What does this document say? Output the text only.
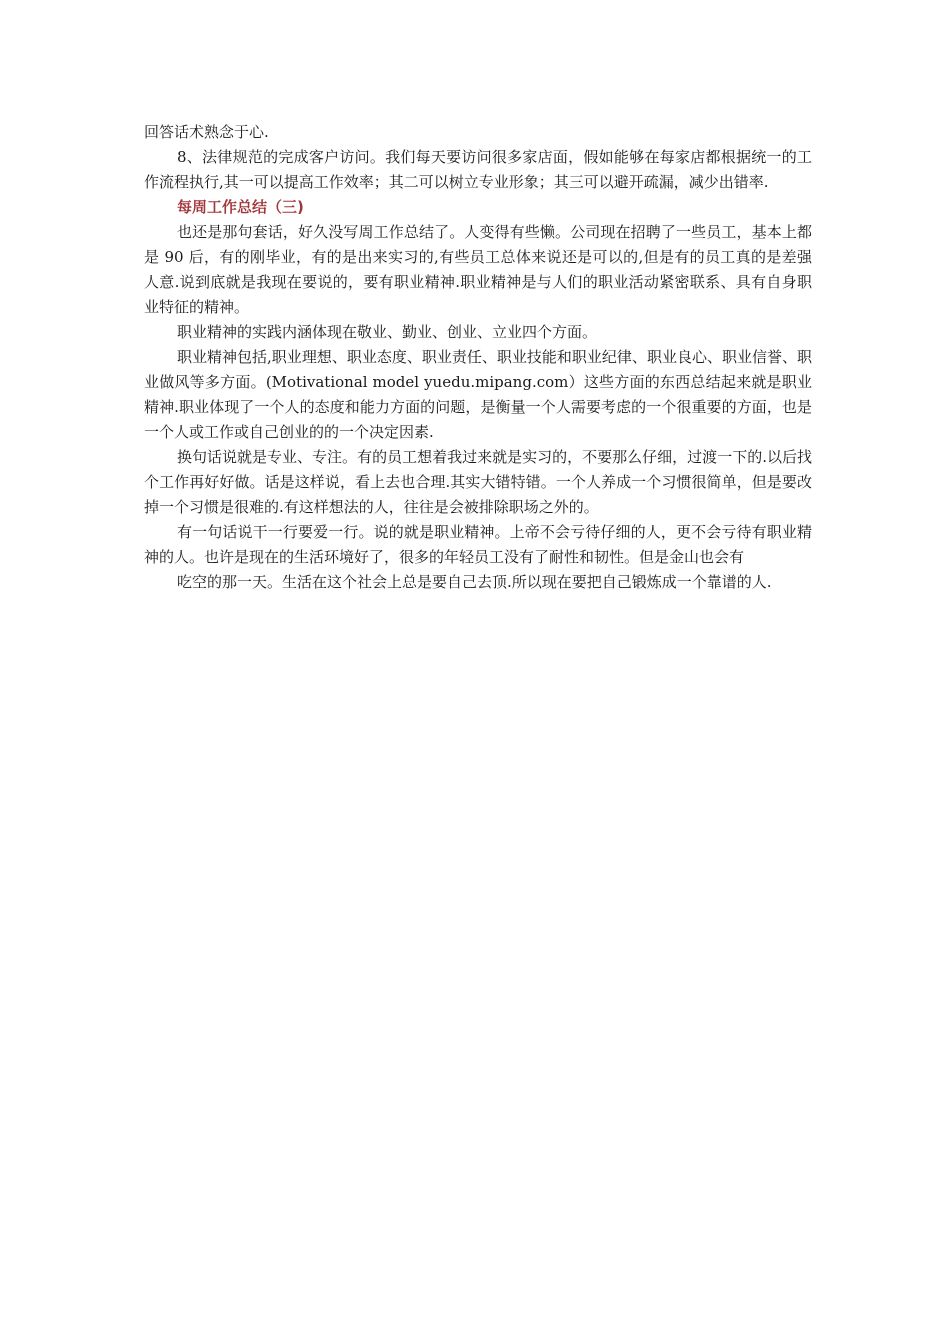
回答话术熟念于心.

8、法律规范的完成客户访问。我们每天要访问很多家店面，假如能够在每家店都根据统一的工作流程执行,其一可以提高工作效率；其二可以树立专业形象；其三可以避开疏漏，减少出错率.

每周工作总结（三)

也还是那句套话，好久没写周工作总结了。人变得有些懒。公司现在招聘了一些员工，基本上都是 90 后，有的刚毕业，有的是出来实习的,有些员工总体来说还是可以的,但是有的员工真的是差强人意.说到底就是我现在要说的，要有职业精神.职业精神是与人们的职业活动紧密联系、具有自身职业特征的精神。

职业精神的实践内涵体现在敬业、勤业、创业、立业四个方面。

职业精神包括,职业理想、职业态度、职业责任、职业技能和职业纪律、职业良心、职业信誉、职业做风等多方面。(Motivational model yuedu.mipang.com）这些方面的东西总结起来就是职业精神.职业体现了一个人的态度和能力方面的问题，是衡量一个人需要考虑的一个很重要的方面，也是一个人或工作或自己创业的的一个决定因素.

换句话说就是专业、专注。有的员工想着我过来就是实习的，不要那么仔细，过渡一下的.以后找个工作再好好做。话是这样说，看上去也合理.其实大错特错。一个人养成一个习惯很简单，但是要改掉一个习惯是很难的.有这样想法的人，往往是会被排除职场之外的。

有一句话说干一行要爱一行。说的就是职业精神。上帝不会亏待仔细的人，更不会亏待有职业精神的人。也许是现在的生活环境好了，很多的年轻员工没有了耐性和韧性。但是金山也会有

吃空的那一天。生活在这个社会上总是要自己去顶.所以现在要把自己锻炼成一个靠谱的人.
